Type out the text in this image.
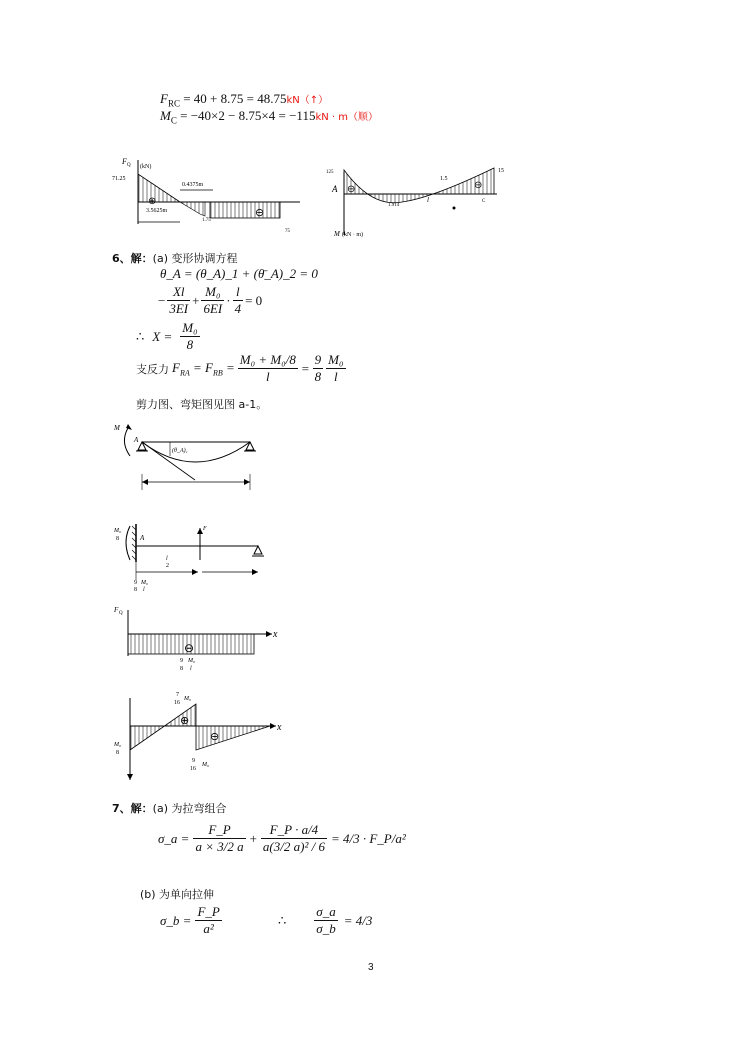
$F_{RC} = 40 + 8.75$ = 48.75kN（↑）
$M_C = -40\times 2 - 8.75\times 4 = -115kN \cdot m$（顺）
⊕
⊖
F Q (kN)
71.25
0.4375m
3.5625m
1.75
75
⊖	⊖
125
A
1.5
15
1.914
l	C
M (kN · m)
6、解：(a) 变形协调方程
θ_A = (θ_A)_1 + (θ̄_A)_2 = 0
− $\frac{Xl}{3EI} + \frac{\text{M₀}}{6EI} \cdot \frac{l}{4} = 0$
∴ $X = \frac{\text{M₀}}{8}$
支反力 $F_{RA} = F_{RB} = \frac{\text{M₀ + M₀/8}}{l} = \frac{9}{8} \frac{\text{M₀}}{l}$
剪力图、弯矩图见图 a-1。
M
A
(θ_A)₁
M₀
8	A
l
2
F
9
8
M₀
l
⊖
F Q
x
9
8
M₀
l
⊕
⊖
7
16
M₀
M₀
8
9
16
M₀
x
7、解：(a) 为拉弯组合
σ_a = $\frac{F\_P}{a \times 3/2 a} + \frac{F\_P \cdot a/4}{\text{a(3/2 a)² / 6}} = 4/3$ · F_P/a²
(b) 为单向拉伸
σ_b = $\frac{F\_P}{\text{a²}}$	∴ $\frac{\sigma\_a}{\sigma\_b} = 4/3$
3
